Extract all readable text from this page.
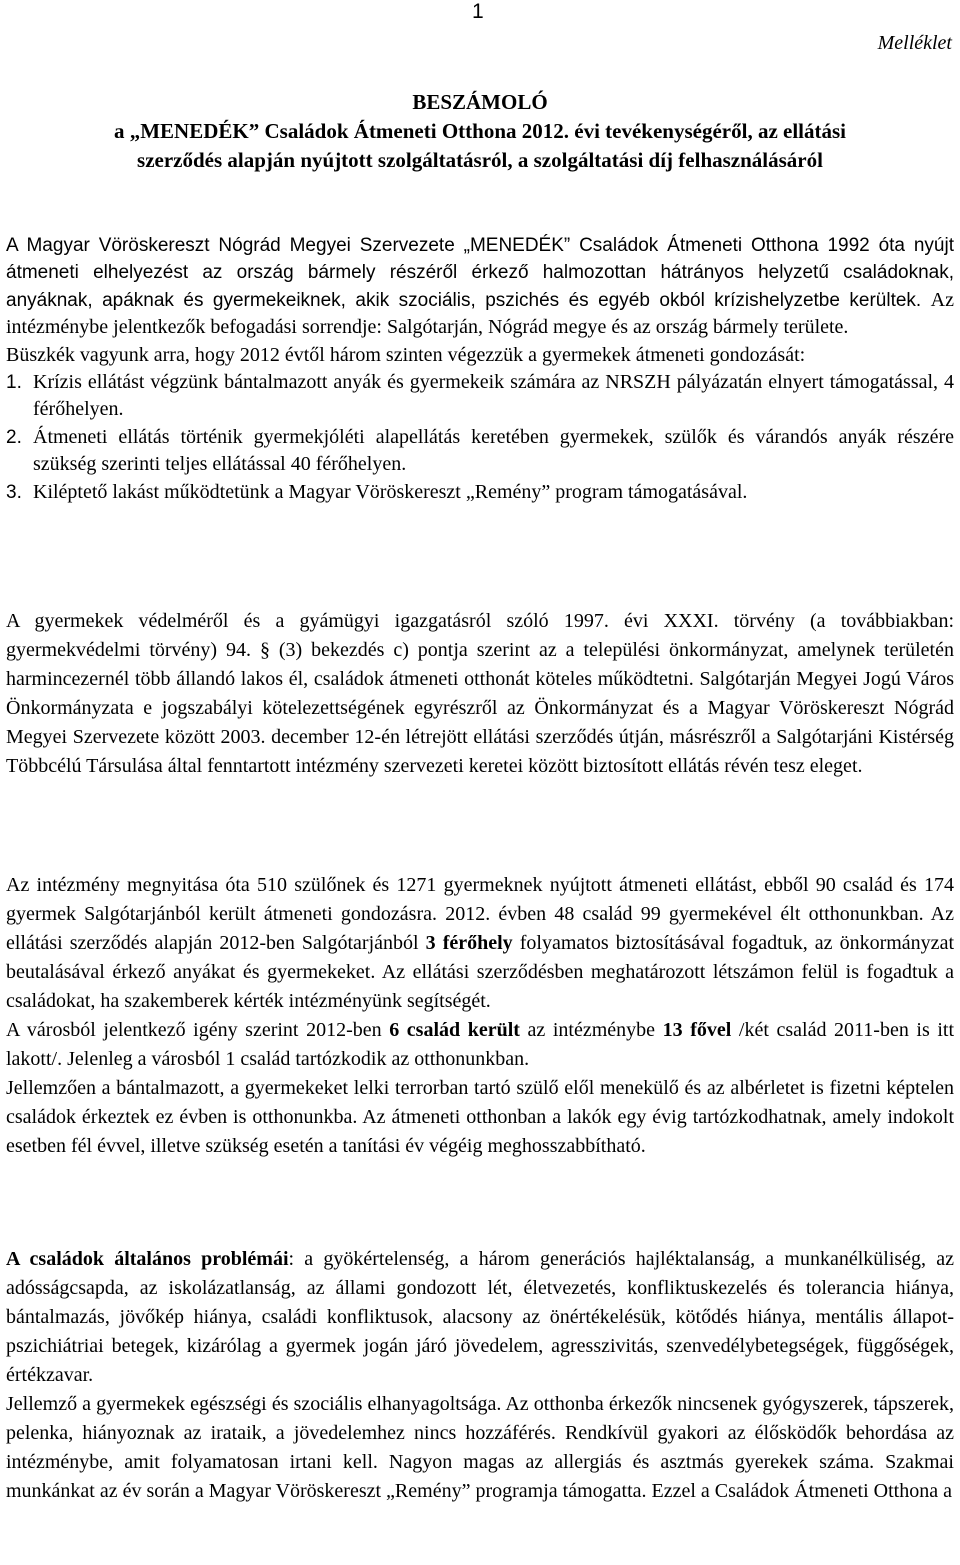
1
Melléklet
BESZÁMOLÓ
a „MENEDÉK” Családok Átmeneti Otthona 2012. évi tevékenységéről, az ellátási
szerződés alapján nyújtott szolgáltatásról, a szolgáltatási díj felhasználásáról

A Magyar Vöröskereszt Nógrád Megyei Szervezete „MENEDÉK” Családok Átmeneti Otthona 1992 óta nyújt átmeneti elhelyezést az ország bármely részéről érkező halmozottan hátrányos helyzetű családoknak, anyáknak, apáknak és gyermekeiknek, akik szociális, pszichés és egyéb okból krízishelyzetbe kerültek. Az intézménybe jelentkezők befogadási sorrendje: Salgótarján, Nógrád megye és az ország bármely területe.

Büszkék vagyunk arra, hogy 2012 évtől három szinten végezzük a gyermekek átmeneti gondozását:

1. Krízis ellátást végzünk bántalmazott anyák és gyermekeik számára az NRSZH pályázatán elnyert támogatással, 4 férőhelyen.
2. Átmeneti ellátás történik gyermekjóléti alapellátás keretében gyermekek, szülők és várandós anyák részére szükség szerinti teljes ellátással 40 férőhelyen.
3. Kiléptető lakást működtetünk a Magyar Vöröskereszt „Remény” program támogatásával.

A gyermekek védelméről és a gyámügyi igazgatásról szóló 1997. évi XXXI. törvény (a továbbiakban: gyermekvédelmi törvény) 94. § (3) bekezdés c) pontja szerint az a települési önkormányzat, amelynek területén harmincezernél több állandó lakos él, családok átmeneti otthonát köteles működtetni. Salgótarján Megyei Jogú Város Önkormányzata e jogszabályi kötelezettségének egyrészről az Önkormányzat és a Magyar Vöröskereszt Nógrád Megyei Szervezete között 2003. december 12-én létrejött ellátási szerződés útján, másrészről a Salgótarjáni Kistérség Többcélú Társulása által fenntartott intézmény szervezeti keretei között biztosított ellátás révén tesz eleget.

Az intézmény megnyitása óta 510 szülőnek és 1271 gyermeknek nyújtott átmeneti ellátást, ebből 90 család és 174 gyermek Salgótarjánból került átmeneti gondozásra. 2012. évben 48 család 99 gyermekével élt otthonunkban. Az ellátási szerződés alapján 2012-ben Salgótarjánból 3 férőhely folyamatos biztosításával fogadtuk, az önkormányzat beutalásával érkező anyákat és gyermekeket. Az ellátási szerződésben meghatározott létszámon felül is fogadtuk a családokat, ha szakemberek kérték intézményünk segítségét.

A városból jelentkező igény szerint 2012-ben 6 család került az intézménybe 13 fővel /két család 2011-ben is itt lakott/. Jelenleg a városból 1 család tartózkodik az otthonunkban.

Jellemzően a bántalmazott, a gyermekeket lelki terrorban tartó szülő elől menekülő és az albérletet is fizetni képtelen családok érkeztek ez évben is otthonunkba. Az átmeneti otthonban a lakók egy évig tartózkodhatnak, amely indokolt esetben fél évvel, illetve szükség esetén a tanítási év végéig meghosszabbítható.

A családok általános problémái: a gyökértelenség, a három generációs hajléktalanság, a munkanélküliség, az adósságcsapda, az iskolázatlanság, az állami gondozott lét, életvezetés, konfliktuskezelés és tolerancia hiánya, bántalmazás, jövőkép hiánya, családi konfliktusok, alacsony az önértékelésük, kötődés hiánya, mentális állapot-pszichiátriai betegek, kizárólag a gyermek jogán járó jövedelem, agresszivitás, szenvedélybetegségek, függőségek, értékzavar.

Jellemző a gyermekek egészségi és szociális elhanyagoltsága. Az otthonba érkezők nincsenek gyógyszerek, tápszerek, pelenka, hiányoznak az irataik, a jövedelemhez nincs hozzáférés. Rendkívül gyakori az élősködők behordása az intézménybe, amit folyamatosan irtani kell. Nagyon magas az allergiás és asztmás gyerekek száma. Szakmai munkánkat az év során a Magyar Vöröskereszt „Remény” programja támogatta. Ezzel a Családok Átmeneti Otthona a
